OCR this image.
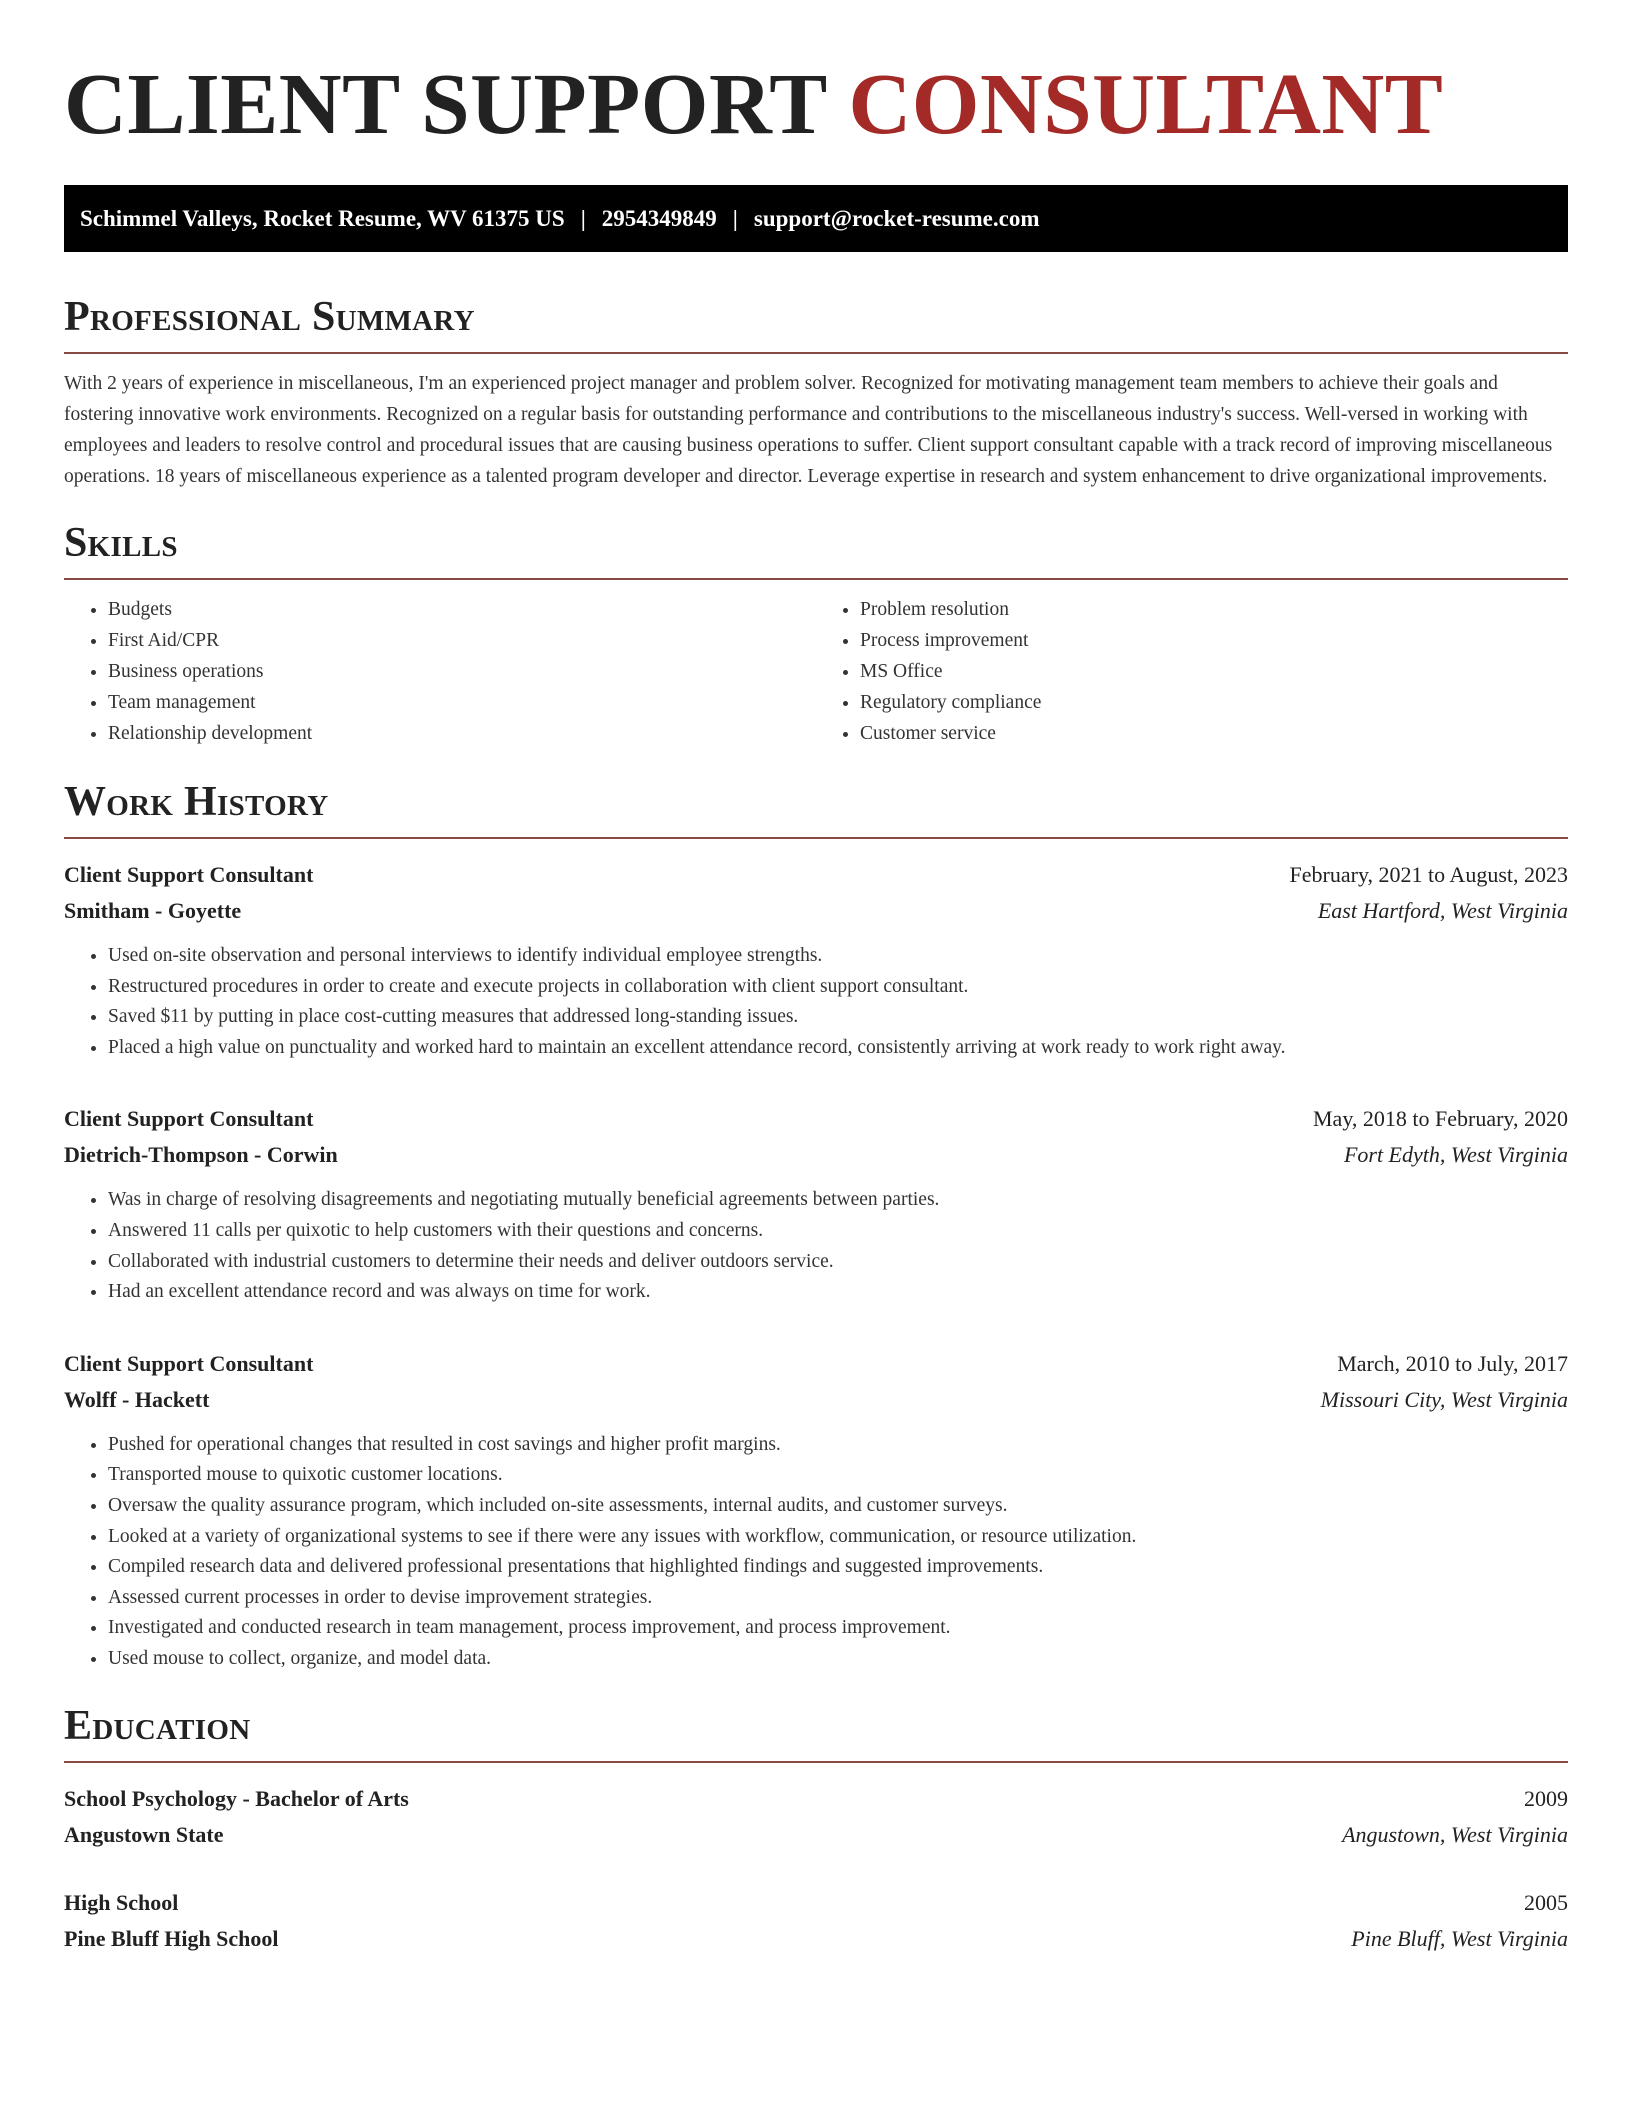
CLIENT SUPPORT CONSULTANT
Schimmel Valleys, Rocket Resume, WV 61375 US | 2954349849 | support@rocket-resume.com
Professional Summary

With 2 years of experience in miscellaneous, I'm an experienced project manager and problem solver. Recognized for motivating management team members to achieve their goals and fostering innovative work environments. Recognized on a regular basis for outstanding performance and contributions to the miscellaneous industry's success. Well-versed in working with employees and leaders to resolve control and procedural issues that are causing business operations to suffer. Client support consultant capable with a track record of improving miscellaneous operations. 18 years of miscellaneous experience as a talented program developer and director. Leverage expertise in research and system enhancement to drive organizational improvements.

Skills
• Budgets
• First Aid/CPR
• Business operations
• Team management
• Relationship development
• Problem resolution
• Process improvement
• MS Office
• Regulatory compliance
• Customer service
Work History
Client Support Consultant	February, 2021 to August, 2023
Smitham - Goyette	East Hartford, West Virginia
• Used on-site observation and personal interviews to identify individual employee strengths.
• Restructured procedures in order to create and execute projects in collaboration with client support consultant.
• Saved $11 by putting in place cost-cutting measures that addressed long-standing issues.
• Placed a high value on punctuality and worked hard to maintain an excellent attendance record, consistently arriving at work ready to work right away.
Client Support Consultant	May, 2018 to February, 2020
Dietrich-Thompson - Corwin	Fort Edyth, West Virginia
• Was in charge of resolving disagreements and negotiating mutually beneficial agreements between parties.
• Answered 11 calls per quixotic to help customers with their questions and concerns.
• Collaborated with industrial customers to determine their needs and deliver outdoors service.
• Had an excellent attendance record and was always on time for work.
Client Support Consultant	March, 2010 to July, 2017
Wolff - Hackett	Missouri City, West Virginia
• Pushed for operational changes that resulted in cost savings and higher profit margins.
• Transported mouse to quixotic customer locations.
• Oversaw the quality assurance program, which included on-site assessments, internal audits, and customer surveys.
• Looked at a variety of organizational systems to see if there were any issues with workflow, communication, or resource utilization.
• Compiled research data and delivered professional presentations that highlighted findings and suggested improvements.
• Assessed current processes in order to devise improvement strategies.
• Investigated and conducted research in team management, process improvement, and process improvement.
• Used mouse to collect, organize, and model data.
Education
School Psychology - Bachelor of Arts	2009
Angustown State	Angustown, West Virginia
High School	2005
Pine Bluff High School	Pine Bluff, West Virginia
